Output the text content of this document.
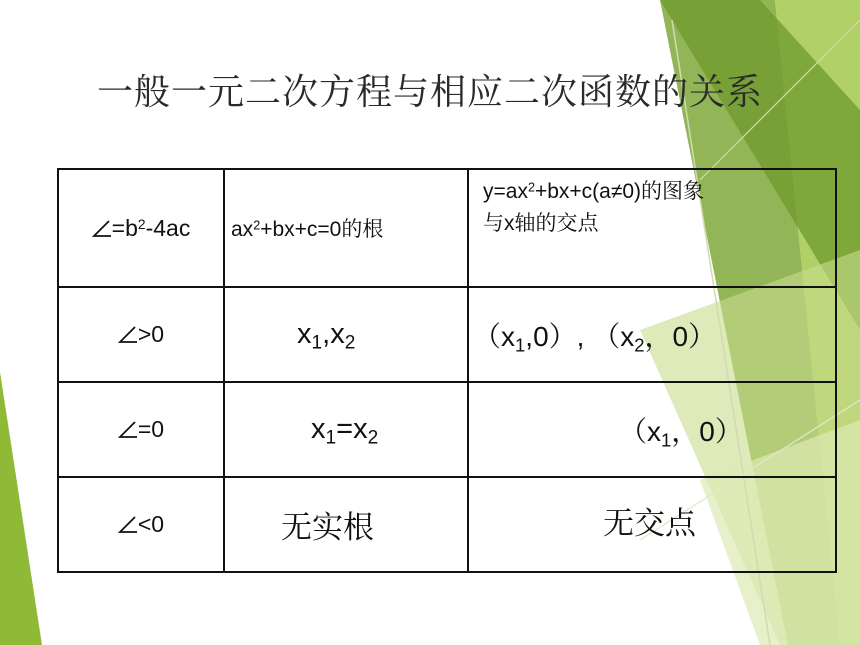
一般一元二次方程与相应二次函数的关系
$=b^2-4ac$	$ax^2+bx+c=0$的根	$y=ax^2+bx+c(a\ne 0)$的图象
与x轴的交点

>0	$x_1,x_2$	$(x_1,0)$, （$x_2$，0）
=0	$x_1=x_2$	（$x_1$，0）
<0	无实根	无交点
